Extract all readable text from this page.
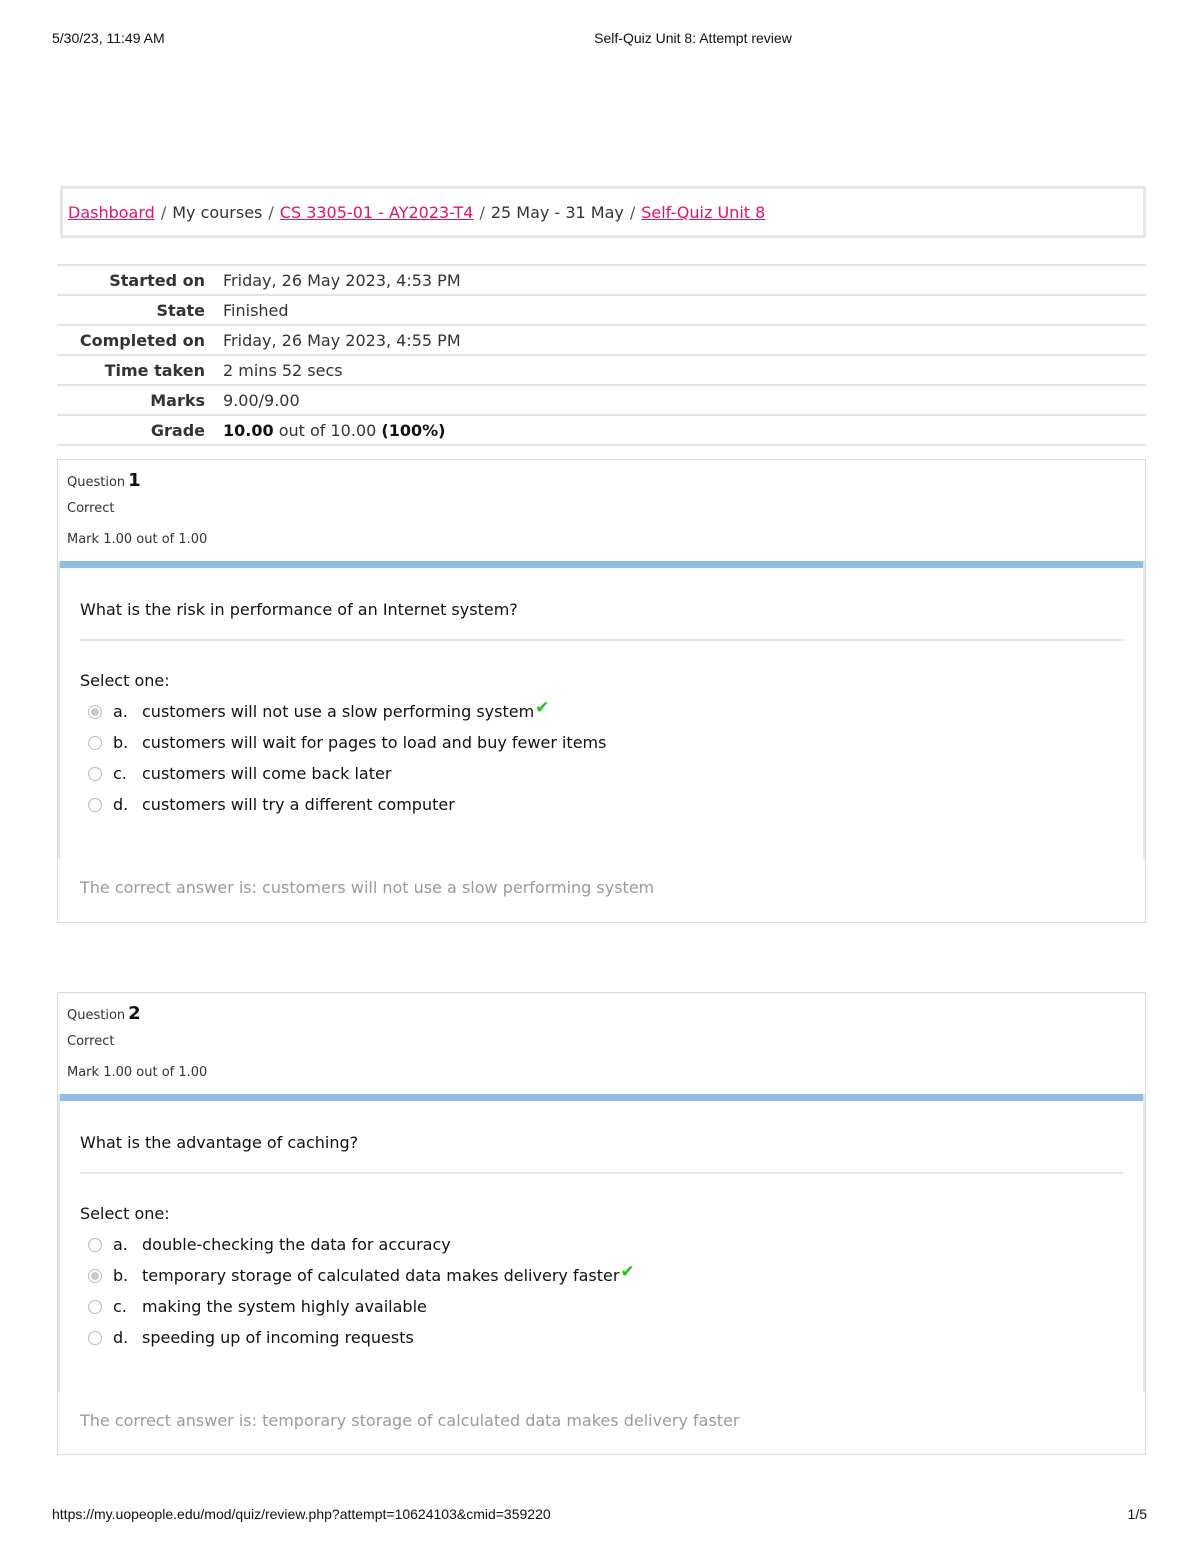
5/30/23, 11:49 AM	Self-Quiz Unit 8: Attempt review
Dashboard / My courses / CS 3305-01 - AY2023-T4 / 25 May - 31 May / Self-Quiz Unit 8
Started on	Friday, 26 May 2023, 4:53 PM
State	Finished
Completed on	Friday, 26 May 2023, 4:55 PM
Time taken	2 mins 52 secs
Marks	9.00/9.00
Grade	10.00 out of 10.00 (100%)
Question 1
Correct
Mark 1.00 out of 1.00
What is the risk in performance of an Internet system?
Select one:
a. customers will not use a slow performing system ✔
b. customers will wait for pages to load and buy fewer items
c. customers will come back later
d. customers will try a different computer
The correct answer is: customers will not use a slow performing system
Question 2
Correct
Mark 1.00 out of 1.00
What is the advantage of caching?
Select one:
a. double-checking the data for accuracy
b. temporary storage of calculated data makes delivery faster ✔
c. making the system highly available
d. speeding up of incoming requests
The correct answer is: temporary storage of calculated data makes delivery faster
https://my.uopeople.edu/mod/quiz/review.php?attempt=10624103&cmid=359220	1/5
